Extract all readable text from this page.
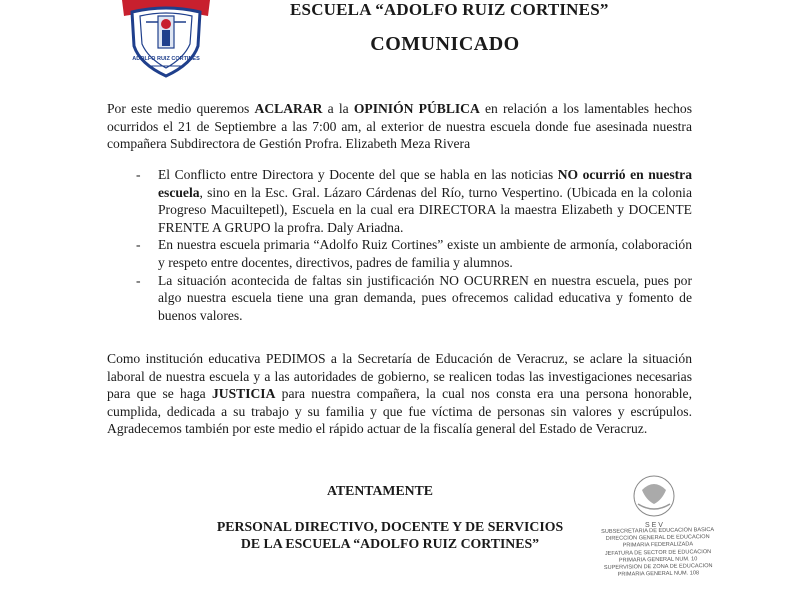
ADOLFO RUIZ CORTINES
ESCUELA “ADOLFO RUIZ CORTINES”
COMUNICADO

Por este medio queremos ACLARAR a la OPINIÓN PÚBLICA en relación a los lamentables hechos ocurridos el 21 de Septiembre a las 7:00 am, al exterior de nuestra escuela donde fue asesinada nuestra compañera Subdirectora de Gestión Profra. Elizabeth Meza Rivera

- El Conflicto entre Directora y Docente del que se habla en las noticias NO ocurrió en nuestra escuela, sino en la Esc. Gral. Lázaro Cárdenas del Río, turno Vespertino. (Ubicada en la colonia Progreso Macuiltepetl), Escuela en la cual era DIRECTORA la maestra Elizabeth y DOCENTE FRENTE A GRUPO la profra. Daly Ariadna.
- En nuestra escuela primaria “Adolfo Ruiz Cortines” existe un ambiente de armonía, colaboración y respeto entre docentes, directivos, padres de familia y alumnos.
- La situación acontecida de faltas sin justificación NO OCURREN en nuestra escuela, pues por algo nuestra escuela tiene una gran demanda, pues ofrecemos calidad educativa y fomento de buenos valores.

Como institución educativa PEDIMOS a la Secretaría de Educación de Veracruz, se aclare la situación laboral de nuestra escuela y a las autoridades de gobierno, se realicen todas las investigaciones necesarias para que se haga JUSTICIA para nuestra compañera, la cual nos consta era una persona honorable, cumplida, dedicada a su trabajo y su familia y que fue víctima de personas sin valores y escrúpulos. Agradecemos también por este medio el rápido actuar de la fiscalía general del Estado de Veracruz.

ATENTAMENTE
PERSONAL DIRECTIVO, DOCENTE Y DE SERVICIOS
DE LA ESCUELA “ADOLFO RUIZ CORTINES”
S E V
SUBSECRETARÍA DE EDUCACIÓN BÁSICA
DIRECCIÓN GENERAL DE EDUCACIÓN
PRIMARIA FEDERALIZADA
JEFATURA DE SECTOR DE EDUCACIÓN
PRIMARIA GENERAL NÚM. 10
SUPERVISIÓN DE ZONA DE EDUCACIÓN
PRIMARIA GENERAL NÚM. 108
